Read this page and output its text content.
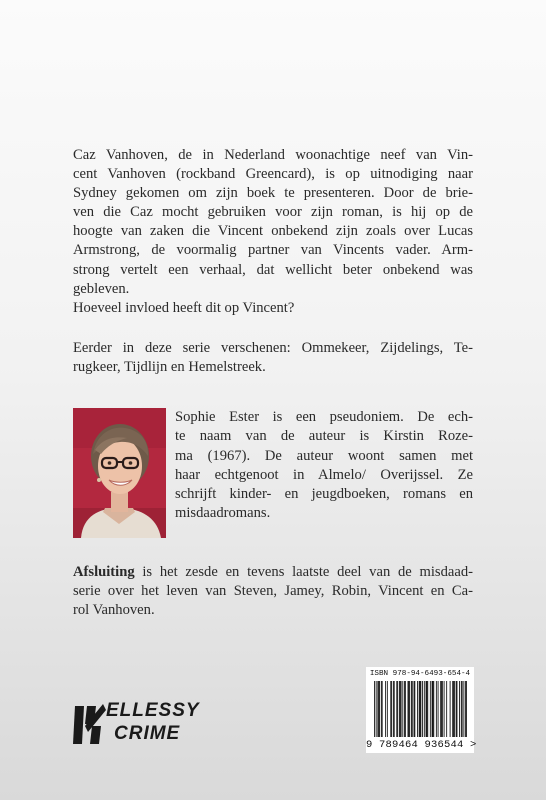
Caz Vanhoven, de in Nederland woonachtige neef van Vin-

cent Vanhoven (rockband Greencard), is op uitnodiging naar

Sydney gekomen om zijn boek te presenteren. Door de brie-

ven die Caz mocht gebruiken voor zijn roman, is hij op de

hoogte van zaken die Vincent onbekend zijn zoals over Lucas

Armstrong, de voormalig partner van Vincents vader. Arm-

strong vertelt een verhaal, dat wellicht beter onbekend was

gebleven.

Hoeveel invloed heeft dit op Vincent?

Eerder in deze serie verschenen: Ommekeer, Zijdelings, Te-

rugkeer, Tijdlijn en Hemelstreek.

Sophie Ester is een pseudoniem. De ech-

te naam van de auteur is Kirstin Roze-

ma (1967). De auteur woont samen met

haar echtgenoot in Almelo/ Overijssel. Ze

schrijft kinder- en jeugdboeken, romans en

misdaadromans.

Afsluiting is het zesde en tevens laatste deel van de misdaad-

serie over het leven van Steven, Jamey, Robin, Vincent en Ca-

rol Vanhoven.

ELLESSY
CRIME
ISBN 978-94-6493-654-4
9 789464 936544 >
